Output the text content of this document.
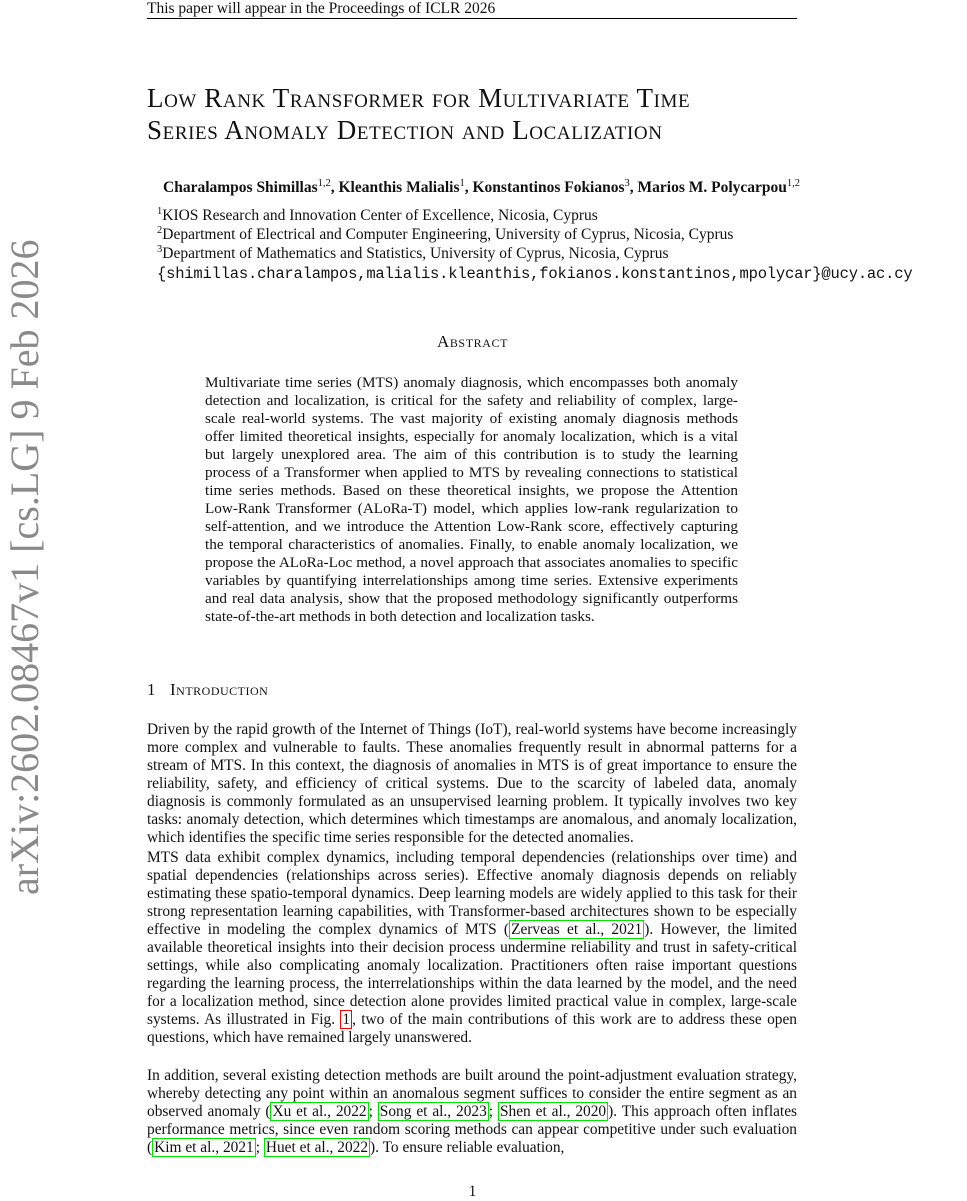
This paper will appear in the Proceedings of ICLR 2026
arXiv:2602.08467v1 [cs.LG] 9 Feb 2026
Low Rank Transformer for Multivariate Time
Series Anomaly Detection and Localization
Charalampos Shimillas$^{1,2}$, Kleanthis Malialis$^1$, Konstantinos Fokianos$^3$, Marios M. Polycarpou$^{1,2}$
$^1$KIOS Research and Innovation Center of Excellence, Nicosia, Cyprus
$^2$Department of Electrical and Computer Engineering, University of Cyprus, Nicosia, Cyprus
$^3$Department of Mathematics and Statistics, University of Cyprus, Nicosia, Cyprus
{shimillas.charalampos,malialis.kleanthis,fokianos.konstantinos,mpolycar}@ucy.ac.cy
Abstract
Multivariate time series (MTS) anomaly diagnosis, which encompasses both anomaly detection and localization, is critical for the safety and reliability of complex, large-scale real-world systems. The vast majority of existing anomaly diagnosis methods offer limited theoretical insights, especially for anomaly localization, which is a vital but largely unexplored area. The aim of this contribution is to study the learning process of a Transformer when applied to MTS by revealing connections to statistical time series methods. Based on these theoretical insights, we propose the Attention Low-Rank Transformer (ALoRa-T) model, which applies low-rank regularization to self-attention, and we introduce the Attention Low-Rank score, effectively capturing the temporal characteristics of anomalies. Finally, to enable anomaly localization, we propose the ALoRa-Loc method, a novel approach that associates anomalies to specific variables by quantifying interrelationships among time series. Extensive experiments and real data analysis, show that the proposed methodology significantly outperforms state-of-the-art methods in both detection and localization tasks.
1 Introduction
Driven by the rapid growth of the Internet of Things (IoT), real-world systems have become increasingly more complex and vulnerable to faults. These anomalies frequently result in abnormal patterns for a stream of MTS. In this context, the diagnosis of anomalies in MTS is of great importance to ensure the reliability, safety, and efficiency of critical systems. Due to the scarcity of labeled data, anomaly diagnosis is commonly formulated as an unsupervised learning problem. It typically involves two key tasks: anomaly detection, which determines which timestamps are anomalous, and anomaly localization, which identifies the specific time series responsible for the detected anomalies.
MTS data exhibit complex dynamics, including temporal dependencies (relationships over time) and spatial dependencies (relationships across series). Effective anomaly diagnosis depends on reliably estimating these spatio-temporal dynamics. Deep learning models are widely applied to this task for their strong representation learning capabilities, with Transformer-based architectures shown to be especially effective in modeling the complex dynamics of MTS ( Zerveas et al., 2021 ). However, the limited available theoretical insights into their decision process undermine reliability and trust in safety-critical settings, while also complicating anomaly localization. Practitioners often raise important questions regarding the learning process, the interrelationships within the data learned by the model, and the need for a localization method, since detection alone provides limited practical value in complex, large-scale systems. As illustrated in Fig. 1 , two of the main contributions of this work are to address these open questions, which have remained largely unanswered.
In addition, several existing detection methods are built around the point-adjustment evaluation strategy, whereby detecting any point within an anomalous segment suffices to consider the entire segment as an observed anomaly ( Xu et al., 2022 ; Song et al., 2023 ; Shen et al., 2020 ). This approach often inflates performance metrics, since even random scoring methods can appear competitive under such evaluation ( Kim et al., 2021 ; Huet et al., 2022 ). To ensure reliable evaluation,
1
